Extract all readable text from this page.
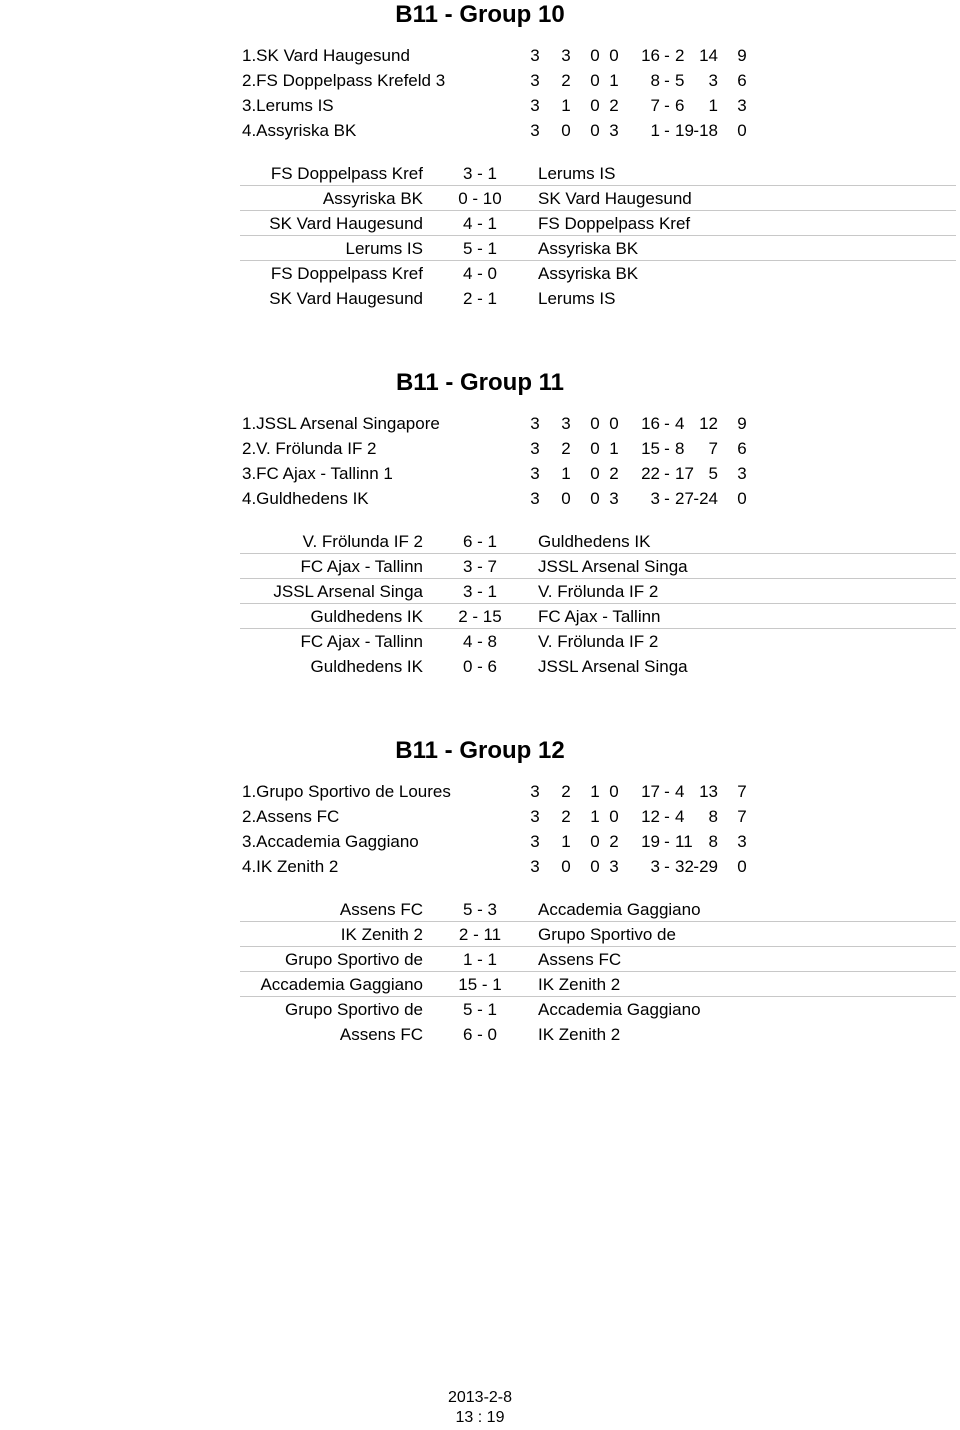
B11 - Group 10
1.SK Vard Haugesund	3	3	0 0	16 - 2 14	9
2.FS Doppelpass Krefeld 3	3	2	0 1	8 - 5	3	6
3.Lerums IS	3	1	0 2	7 - 6	1	3
4.Assyriska BK	3	0	0 3	1 - 19 -18	0
FS Doppelpass Kref	3 - 1	Lerums IS
Assyriska BK	0 - 10	SK Vard Haugesund
SK Vard Haugesund	4 - 1	FS Doppelpass Kref
Lerums IS	5 - 1	Assyriska BK
FS Doppelpass Kref	4 - 0	Assyriska BK
SK Vard Haugesund	2 - 1	Lerums IS
B11 - Group 11
1.JSSL Arsenal Singapore	3	3	0 0	16 - 4 12	9
2.V. Frölunda IF 2	3	2	0 1	15 - 8	7	6
3.FC Ajax - Tallinn 1	3	1	0 2	22 - 17 5	3
4.Guldhedens IK	3	0	0 3	3 - 27 -24	0
V. Frölunda IF 2	6 - 1	Guldhedens IK
FC Ajax - Tallinn	3 - 7	JSSL Arsenal Singa
JSSL Arsenal Singa	3 - 1	V. Frölunda IF 2
Guldhedens IK	2 - 15	FC Ajax - Tallinn
FC Ajax - Tallinn	4 - 8	V. Frölunda IF 2
Guldhedens IK	0 - 6	JSSL Arsenal Singa
B11 - Group 12
1.Grupo Sportivo de Loures	3	2	1 0	17 - 4 13	7
2.Assens FC	3	2	1 0	12 - 4	8	7
3.Accademia Gaggiano	3	1	0 2	19 - 11 8	3
4.IK Zenith 2	3	0	0 3	3 - 32 -29	0
Assens FC	5 - 3	Accademia Gaggiano
IK Zenith 2	2 - 11	Grupo Sportivo de
Grupo Sportivo de	1 - 1	Assens FC
Accademia Gaggiano	15 - 1	IK Zenith 2
Grupo Sportivo de	5 - 1	Accademia Gaggiano
Assens FC	6 - 0	IK Zenith 2
2013-2-8
13 : 19
